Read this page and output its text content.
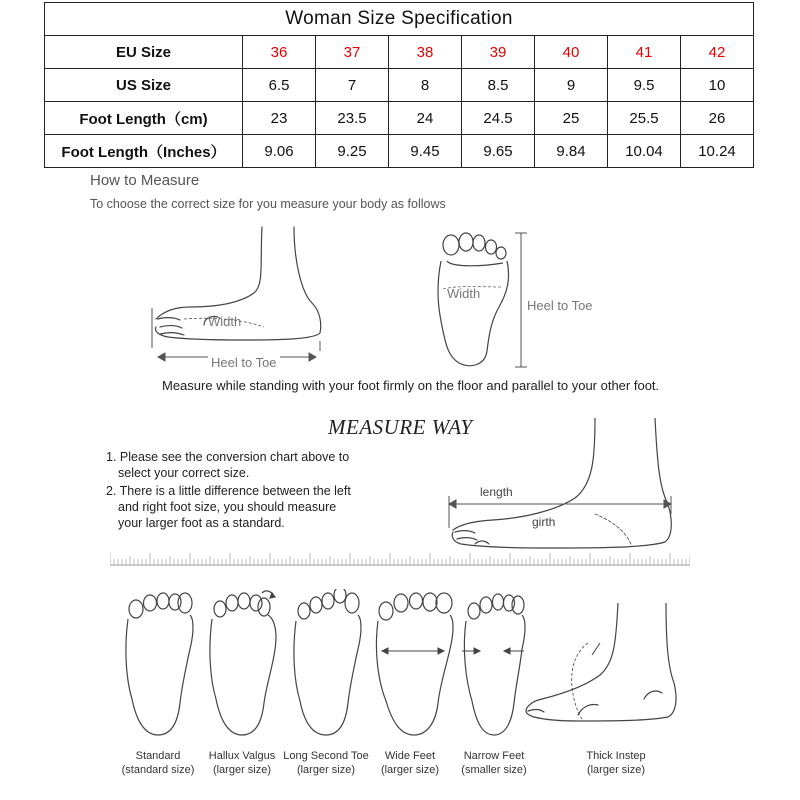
Woman Size Specification							
EU Size	36	37	38	39	40	41	42
US Size	6.5	7	8	8.5	9	9.5	10
Foot Length（cm)	23	23.5	24	24.5	25	25.5	26
Foot Length（Inches）	9.06	9.25	9.45	9.65	9.84	10.04	10.24
How to Measure
To choose the correct size for you measure your body as follows
Width
Heel to Toe
Width
Heel to Toe
Measure while standing with your foot firmly on the floor and parallel to your other foot.
MEASURE WAY
1. Please see the conversion chart above to
select your correct size.
2. There is a little difference between the left
and right foot size, you should measure
your larger foot as a standard.
length
girth
Standard
(standard size)
Hallux Valgus
(larger size)
Long Second Toe
(larger size)
Wide Feet
(larger size)
Narrow Feet
(smaller size)
Thick Instep
(larger size)
